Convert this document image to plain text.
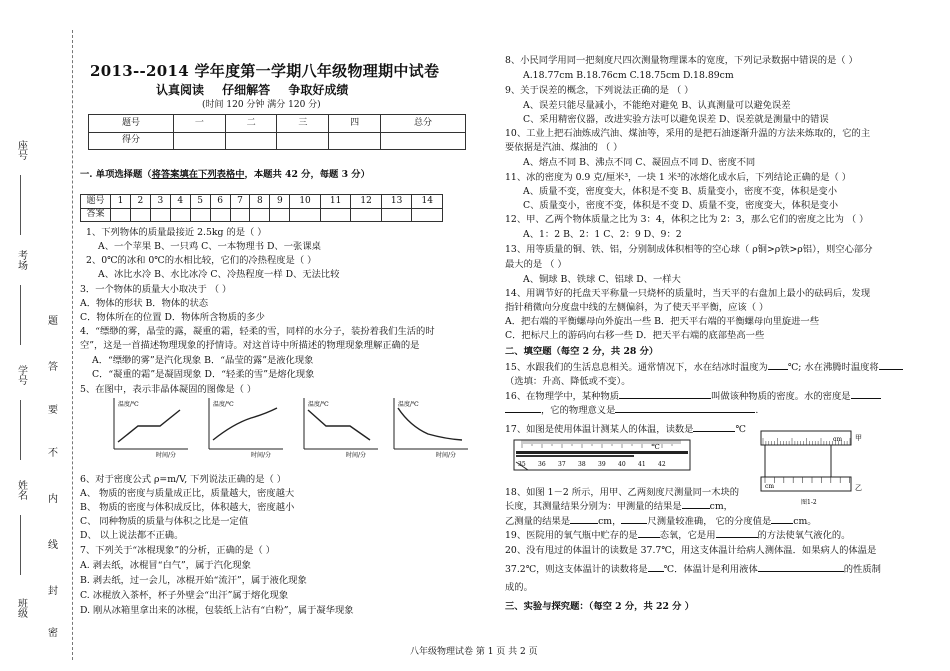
座号
考场
学号
姓名
班级
题
答
要
不
内
线
封
密
2013--2014 学年度第一学期八年级物理期中试卷
认真阅读 仔细解答 争取好成绩
(时间 120 分钟 满分 120 分)
题号	一	二	三	四	总分
得分					
一. 单项选择题（将答案填在下列表格中，本题共 42 分，每题 3 分）
题号	1	2	3	4	5	6	7	8	9	10	11	12	13	14
答案														
1、下列物体的质量最接近 2.5kg 的是（ ）
A、一个苹果 B、一只鸡 C、一本物理书 D、一张课桌
2、0℃的冰和 0℃的水相比较，它们的冷热程度是（ ）
A、冰比水冷 B、水比冰冷 C、冷热程度一样 D、无法比较
3．一个物体的质量大小取决于 （ ）
A．物体的形状 B．物体的状态
C．物体所在的位置 D．物体所含物质的多少
4．“缥缈的雾，晶莹的露，凝重的霜，轻柔的雪，同样的水分子，装扮着我们生活的时
空”，这是一首描述物理现象的抒情诗。对这首诗中所描述的物理现象理解正确的是
A．“缥缈的雾”是汽化现象 B．“晶莹的露”是液化现象
C．“凝重的霜”是凝固现象 D．“轻柔的雪”是熔化现象
5、在图中，表示非晶体凝固的图像是（ ）
温度/℃
时间/分
温度/℃
时间/分
温度/℃
时间/分
温度/℃
时间/分
6、对于密度公式 ρ=m/V, 下列说法正确的是（ ）
A、 物质的密度与质量成正比，质量越大，密度越大
B、 物质的密度与体积成反比，体积越大，密度越小
C、 同种物质的质量与体积之比是一定值
D、 以上说法都不正确。
7、下列关于“冰棍现象”的分析，正确的是（ ）
A. 剥去纸，冰棍冒“白气”，属于汽化现象
B. 剥去纸，过一会儿，冰棍开始“流汗”，属于液化现象
C. 冰棍放入茶杯，杯子外壁会“出汗”属于熔化现象
D. 刚从冰箱里拿出来的冰棍，包装纸上沾有“白粉”，属于凝华现象
8、小民同学用同一把刻度尺四次测量物理课本的宽度，下列记录数据中错误的是（ ）
A.18.77cm B.18.76cm C.18.75cm D.18.89cm
9、关于误差的概念，下列说法正确的是 （ ）
A、误差只能尽量减小，不能绝对避免 B、认真测量可以避免误差
C、采用精密仪器，改进实验方法可以避免误差 D、误差就是测量中的错误
10、工业上把石油炼成汽油、煤油等，采用的是把石油逐渐升温的方法来炼取的，它的主
要依据是汽油、煤油的 （ ）
A、熔点不同 B、沸点不同 C、凝固点不同 D、密度不同
11、冰的密度为 0.9 克/厘米³，一块 1 米³的冰熔化成水后，下列结论正确的是（ ）
A、质量不变，密度变大，体积是不变 B、质量变小，密度不变，体积是变小
C、质量变小，密度不变，体积是不变 D、质量不变，密度变大，体积是变小
12、甲、乙两个物体质量之比为 3：4，体积之比为 2：3，那么它们的密度之比为 （ ）
A、1：2 B、2：1 C、2：9 D、9：2
13、用等质量的铜、铁、铝，分别制成体积相等的空心球（ ρ铜>ρ铁>ρ铝），则空心部分
最大的是 （ ）
A、铜球 B、铁球 C、铝球 D、一样大
14、用调节好的托盘天平称量一只烧杯的质量时，当天平的右盘加上最小的砝码后，发现
指针稍微向分度盘中线的左侧偏斜，为了使天平平衡，应该（ ）
A．把右端的平衡螺母向外旋出一些 B．把天平右端的平衡螺母向里旋进一些
C．把标尺上的游码向右移一些 D．把天平右端的底部垫高一些
二、填空题（每空 2 分，共 28 分）
15、水跟我们的生活息息相关。通常情况下，水在结冰时温度为 ℃; 水在沸腾时温度将
（选填：升高、降低或不变）。
16、在物理学中，某种物质	叫做该种物质的密度。水的密度是
，它的物理意义是	.
17、如图是使用体温计测某人的体温，读数是	℃
35 36 37 38 39 40 41 42
℃
cm 甲
cm	乙
图1-2
18、如图 1－2 所示，用甲、乙两刻度尺测量同一木块的
长度，其测量结果分别为：甲测量的结果是	cm，
乙测量的结果是	cm，	尺测量较准确， 它的分度值是 cm。
19、医院用的氧气瓶中贮存的是 态氧，它是用	的方法使氧气液化的。
20、没有甩过的体温计的读数是 37.7℃，用这支体温计给病人测体温．如果病人的体温是
37.2℃，则这支体温计的读数将是 ℃．体温计是利用液体	的性质制
成的。
三、实验与探究题：（每空 2 分，共 22 分 ）
八年级物理试卷 第 1 页 共 2 页
